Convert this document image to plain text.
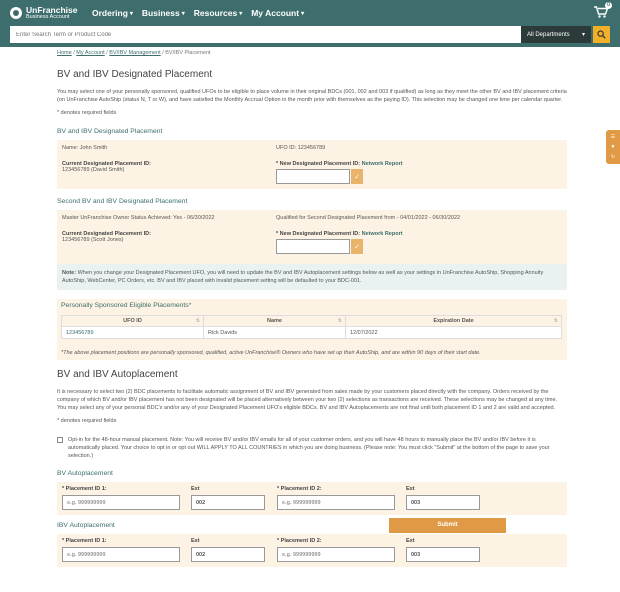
UnFranchise
Business Account	Ordering ▾ Business ▾ Resources ▾ My Account ▾
0
Enter Search Term or Product Code
All Departments ▾
☰
▼
↻
Home / My Account / BV/IBV Management / BV/IBV Placement
BV and IBV Designated Placement

You may select one of your personally sponsored, qualified UFOs to be eligible to place volume in their original BDCs (001, 002 and 003 if qualified) as long as they meet the other BV and IBV placement criteria (on UnFranchise AutoShip (status N, T or W), and have satisfied the Monthly Accrual Option in the month prior with themselves as the paying ID). This selection may be changed one time per calendar quarter.

* denotes required fields
BV and IBV Designated Placement
Name: John Smith	UFO ID: 123456789
Current Designated Placement ID:
123456789 (David Smith)
* New Designated Placement ID: Network Report
✓
Second BV and IBV Designated Placement
Master UnFranchise Owner Status Achieved: Yes - 06/30/2022	Qualified for Second Designated Placement from - 04/01/2022 - 06/30/2022
Current Designated Placement ID:
123456789 (Scott Jones)
* New Designated Placement ID: Network Report
✓
Note: When you change your Designated Placement UFO, you will need to update the BV and IBV Autoplacement settings below as well as your settings in UnFranchise AutoShip, Shopping Annuity AutoShip, WebCenter, PC Orders, etc. BV and IBV placed with invalid placement setting will be defaulted to your BDC-001.
Personally Sponsored Eligible Placements*
UFO ID ⇅	Name ⇅	Expiration Date ⇅

123456789	Rick Davids	12/07/2022
*The above placement positions are personally sponsored, qualified, active UnFranchise® Owners who have set up their AutoShip, and are within 90 days of their start date.
BV and IBV Autoplacement

It is necessary to select two (2) BDC placements to facilitate automatic assignment of BV and IBV generated from sales made by your customers placed directly with the company. Orders received by the company of which BV and/or IBV placement has not been designated will be placed alternatively between your two (2) selections as transactions are received. These selections may be changed at any time. You may select any of your personal BDC's and/or any of your Designated Placement UFO's eligible BDCs. BV and IBV Autoplacements are not final until both placement ID 1 and 2 are valid and accepted.

* denotes required fields
Opt-in for the 48-hour manual placement. Note: You will receive BV and/or IBV emails for all of your customer orders, and you will have 48 hours to manually place the BV and/or IBV before it is automatically placed. Your choice to opt in or opt out WILL APPLY TO ALL COUNTRIES in which you are doing business. (Please note: You must click "Submit" at the bottom of the page to save your selection.)
BV Autoplacement
* Placement ID 1:
e.g. 999999999
Ext
002
* Placement ID 2:
e.g. 999999999
Ext
003
IBV Autoplacement
* Placement ID 1:
e.g. 999999999
Ext
002
* Placement ID 2:
e.g. 999999999
Ext
003
Submit
